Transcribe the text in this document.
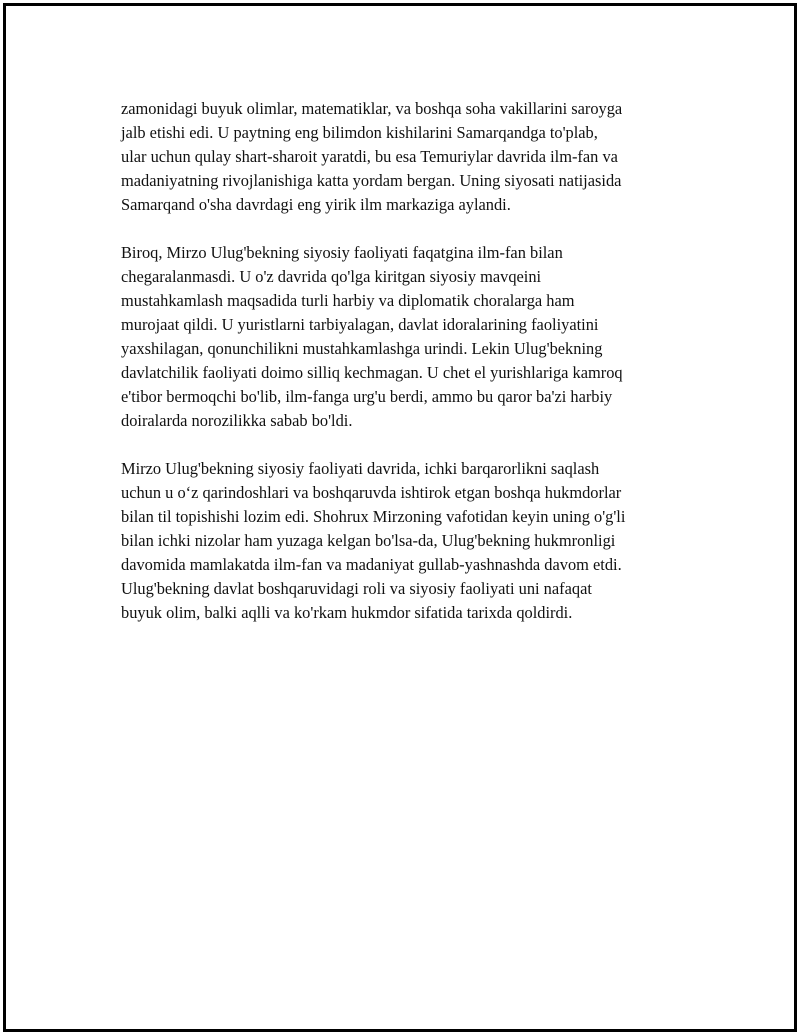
zamonidagi buyuk olimlar, matematiklar, va boshqa soha vakillarini saroyga
jalb etishi edi. U paytning eng bilimdon kishilarini Samarqandga to'plab,
ular uchun qulay shart-sharoit yaratdi, bu esa Temuriylar davrida ilm-fan va
madaniyatning rivojlanishiga katta yordam bergan. Uning siyosati natijasida
Samarqand o'sha davrdagi eng yirik ilm markaziga aylandi.

Biroq, Mirzo Ulug'bekning siyosiy faoliyati faqatgina ilm-fan bilan
chegaralanmasdi. U o'z davrida qo'lga kiritgan siyosiy mavqeini
mustahkamlash maqsadida turli harbiy va diplomatik choralarga ham
murojaat qildi. U yuristlarni tarbiyalagan, davlat idoralarining faoliyatini
yaxshilagan, qonunchilikni mustahkamlashga urindi. Lekin Ulug'bekning
davlatchilik faoliyati doimo silliq kechmagan. U chet el yurishlariga kamroq
e'tibor bermoqchi bo'lib, ilm-fanga urg'u berdi, ammo bu qaror ba'zi harbiy
doiralarda norozilikka sabab bo'ldi.

Mirzo Ulug'bekning siyosiy faoliyati davrida, ichki barqarorlikni saqlash
uchun u o‘z qarindoshlari va boshqaruvda ishtirok etgan boshqa hukmdorlar
bilan til topishishi lozim edi. Shohrux Mirzoning vafotidan keyin uning o'g'li
bilan ichki nizolar ham yuzaga kelgan bo'lsa-da, Ulug'bekning hukmronligi
davomida mamlakatda ilm-fan va madaniyat gullab-yashnashda davom etdi.
Ulug'bekning davlat boshqaruvidagi roli va siyosiy faoliyati uni nafaqat
buyuk olim, balki aqlli va ko'rkam hukmdor sifatida tarixda qoldirdi.
